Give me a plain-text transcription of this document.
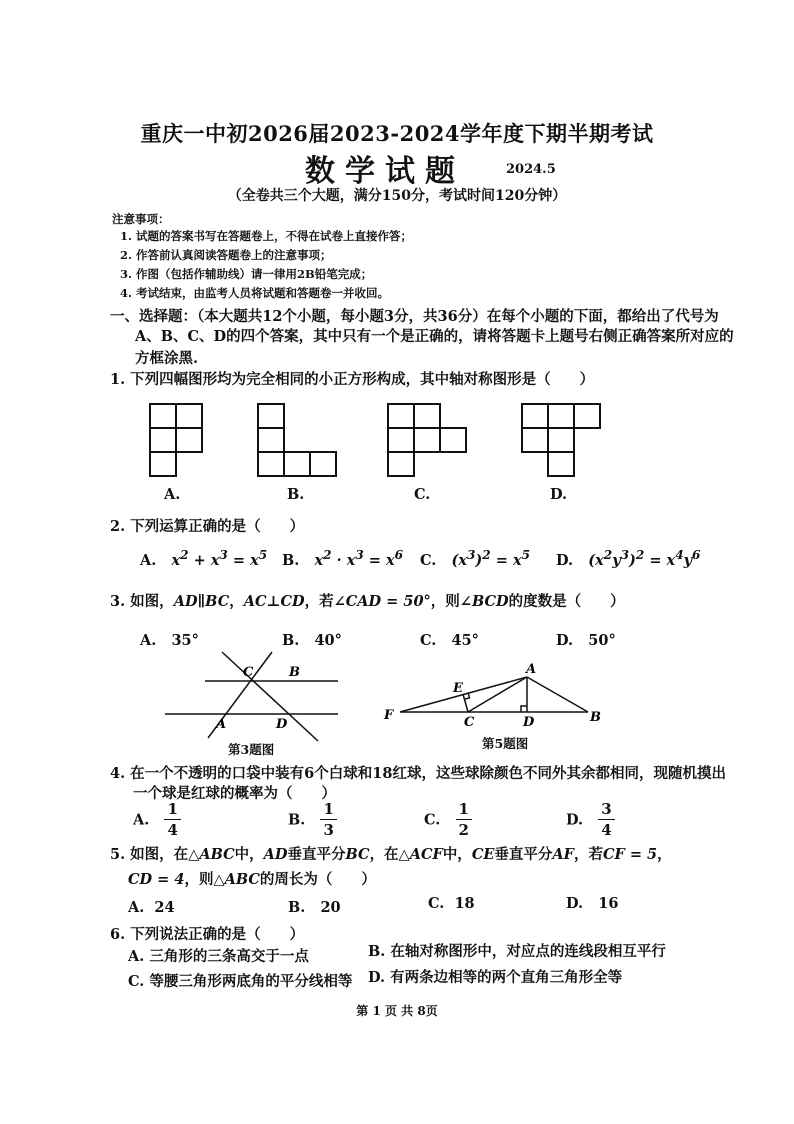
重庆一中初2026届2023-2024学年度下期半期考试
数学试题	2024.5
（全卷共三个大题，满分150分，考试时间120分钟）
注意事项：
1. 试题的答案书写在答题卷上，不得在试卷上直接作答；
2. 作答前认真阅读答题卷上的注意事项；
3. 作图（包括作辅助线）请一律用2B铅笔完成；
4. 考试结束，由监考人员将试题和答题卷一并收回。
一、选择题：（本大题共12个小题，每小题3分，共36分）在每个小题的下面，都给出了代号为
A、B、C、D的四个答案，其中只有一个是正确的，请将答题卡上题号右侧正确答案所对应的
方框涂黑.
1. 下列四幅图形均为完全相同的小正方形构成，其中轴对称图形是（　　）
A.	B.	C.	D.
2. 下列运算正确的是（　　）
A. $x^2 + x^3 = x^5$ B. $x^2 \cdot x^3 = x^6$ C. $(x^3)^2 = x^5$ D. $(x^2y^3)^2 = x^4y^6$
3. 如图，AD∥BC，AC⊥CD，若∠CAD = 50°，则∠BCD的度数是（　　）
A. 35°	B. 40°	C. 45°	D. 50°
C	B
A	D
A
E
F	C	D	B
第3题图	第5题图
4. 在一个不透明的口袋中装有6个白球和18红球，这些球除颜色不同外其余都相同，现随机摸出
一个球是红球的概率为（　　）
A. $\frac{1}{4}$	B. $\frac{1}{3}$	C. $\frac{1}{2}$	D. $\frac{3}{4}$
5. 如图，在△ABC中，AD垂直平分BC，在△ACF中，CE垂直平分AF，若CF = 5，
CD = 4，则△ABC的周长为（　　）
A. 24	B. 20	C. 18	D. 16
6. 下列说法正确的是（　　）
A. 三角形的三条高交于一点	B. 在轴对称图形中，对应点的连线段相互平行
C. 等腰三角形两底角的平分线相等 D. 有两条边相等的两个直角三角形全等
第 1 页 共 8页
